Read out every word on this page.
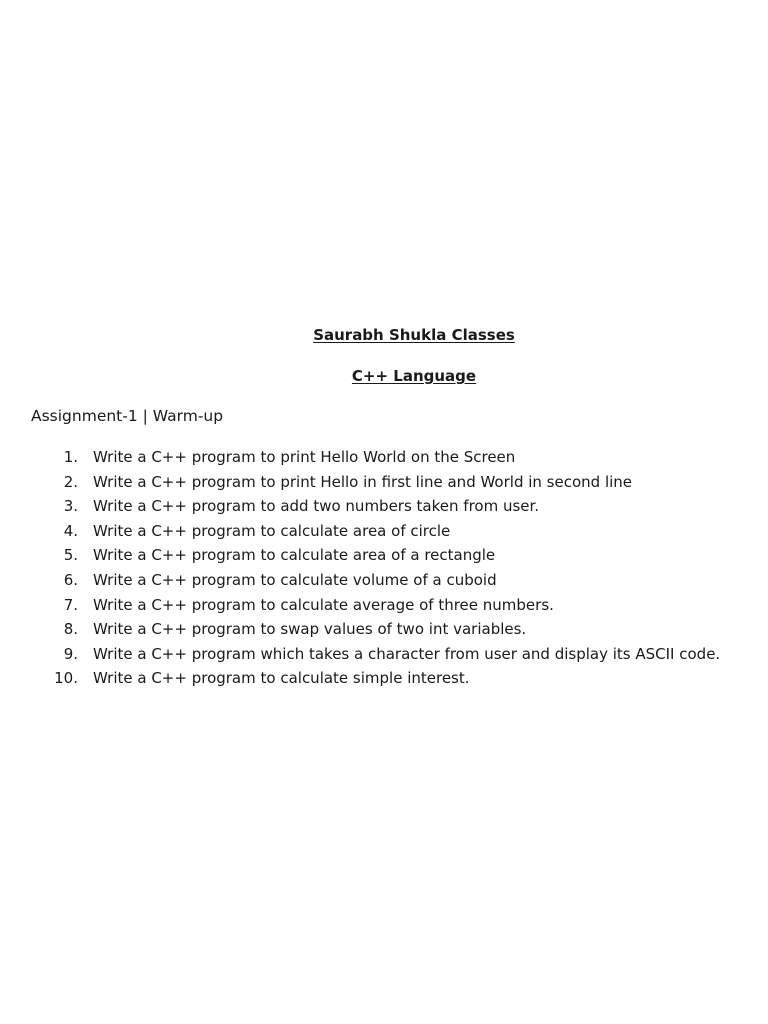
Saurabh Shukla Classes
C++ Language
Assignment-1 | Warm-up
1. Write a C++ program to print Hello World on the Screen
2. Write a C++ program to print Hello in first line and World in second line
3. Write a C++ program to add two numbers taken from user.
4. Write a C++ program to calculate area of circle
5. Write a C++ program to calculate area of a rectangle
6. Write a C++ program to calculate volume of a cuboid
7. Write a C++ program to calculate average of three numbers.
8. Write a C++ program to swap values of two int variables.
9. Write a C++ program which takes a character from user and display its ASCII code.
10. Write a C++ program to calculate simple interest.
